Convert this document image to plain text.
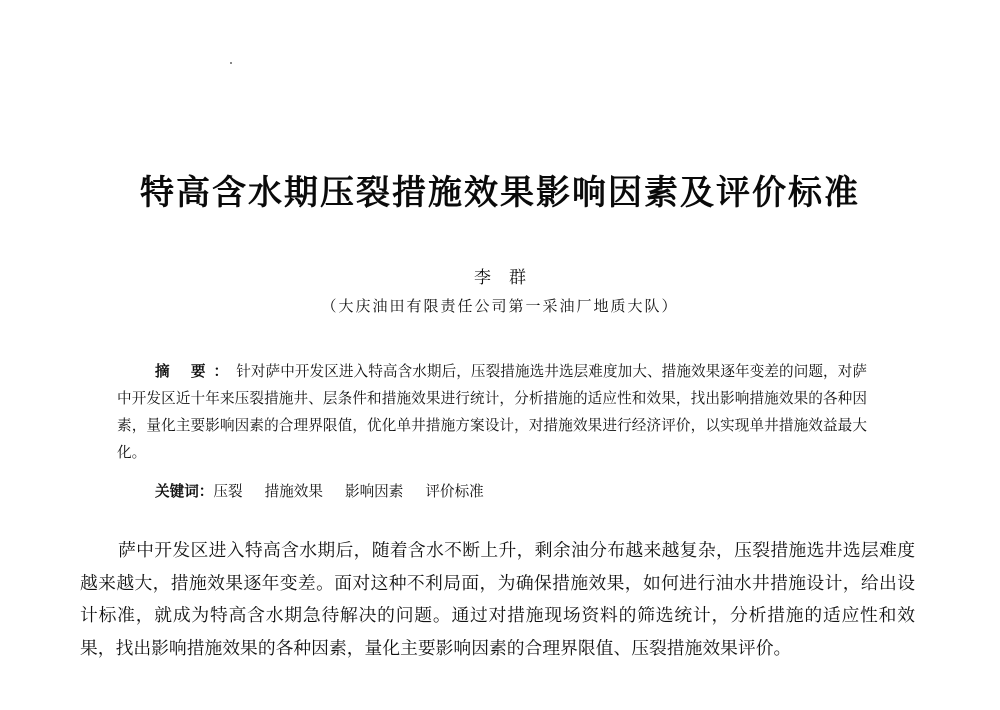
特高含水期压裂措施效果影响因素及评价标准
李群
（大庆油田有限责任公司第一采油厂地质大队）

摘 要：针对萨中开发区进入特高含水期后，压裂措施选井选层难度加大、措施效果逐年变差的问题，对萨中开发区近十年来压裂措施井、层条件和措施效果进行统计，分析措施的适应性和效果，找出影响措施效果的各种因素，量化主要影响因素的合理界限值，优化单井措施方案设计，对措施效果进行经济评价，以实现单井措施效益最大化。

关键词：压裂 措施效果 影响因素 评价标准

萨中开发区进入特高含水期后，随着含水不断上升，剩余油分布越来越复杂，压裂措施选井选层难度越来越大，措施效果逐年变差。面对这种不利局面，为确保措施效果，如何进行油水井措施设计，给出设计标准，就成为特高含水期急待解决的问题。通过对措施现场资料的筛选统计，分析措施的适应性和效果，找出影响措施效果的各种因素，量化主要影响因素的合理界限值、压裂措施效果评价。
